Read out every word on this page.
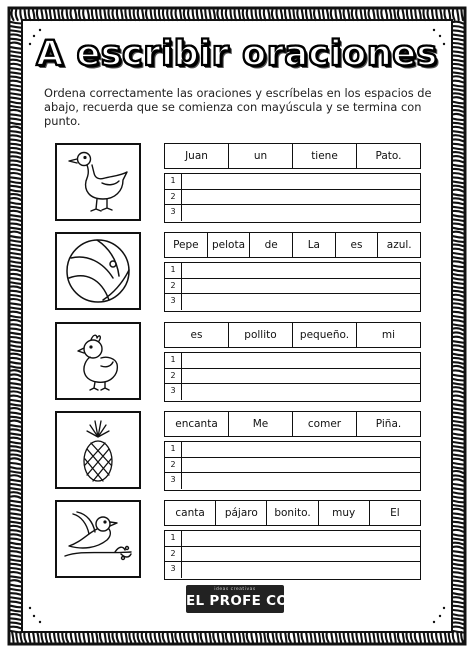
A escribir oraciones
Ordena correctamente las oraciones y escríbelas en los espacios de abajo, recuerda que se comienza con mayúscula y se termina con punto.
Juan	un	tiene	Pato.
1
2
3
Pepe	pelota	de	La	es	azul.
1
2
3
es	pollito	pequeño.	mi
1
2
3
encanta	Me	comer	Piña.
1
2
3
canta	pájaro	bonito.	muy	El
1
2
3
ideas creativas
EL PROFE COOL
